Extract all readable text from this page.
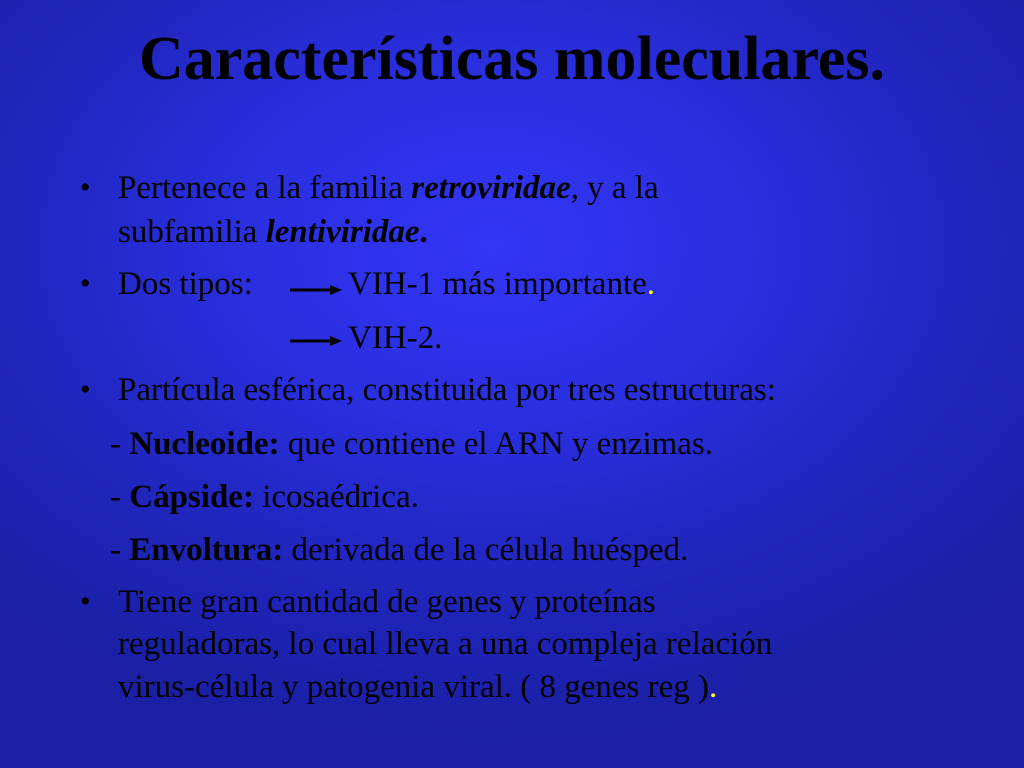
Características moleculares.
• Pertenece a la familia retroviridae, y a la
subfamilia lentiviridae.
• Dos tipos:	VIH-1 más importante.
VIH-2.
• Partícula esférica, constituida por tres estructuras:
- Nucleoide: que contiene el ARN y enzimas.
- Cápside: icosaédrica.
- Envoltura: derivada de la célula huésped.
• Tiene gran cantidad de genes y proteínas
reguladoras, lo cual lleva a una compleja relación
virus-célula y patogenia viral. ( 8 genes reg ).
